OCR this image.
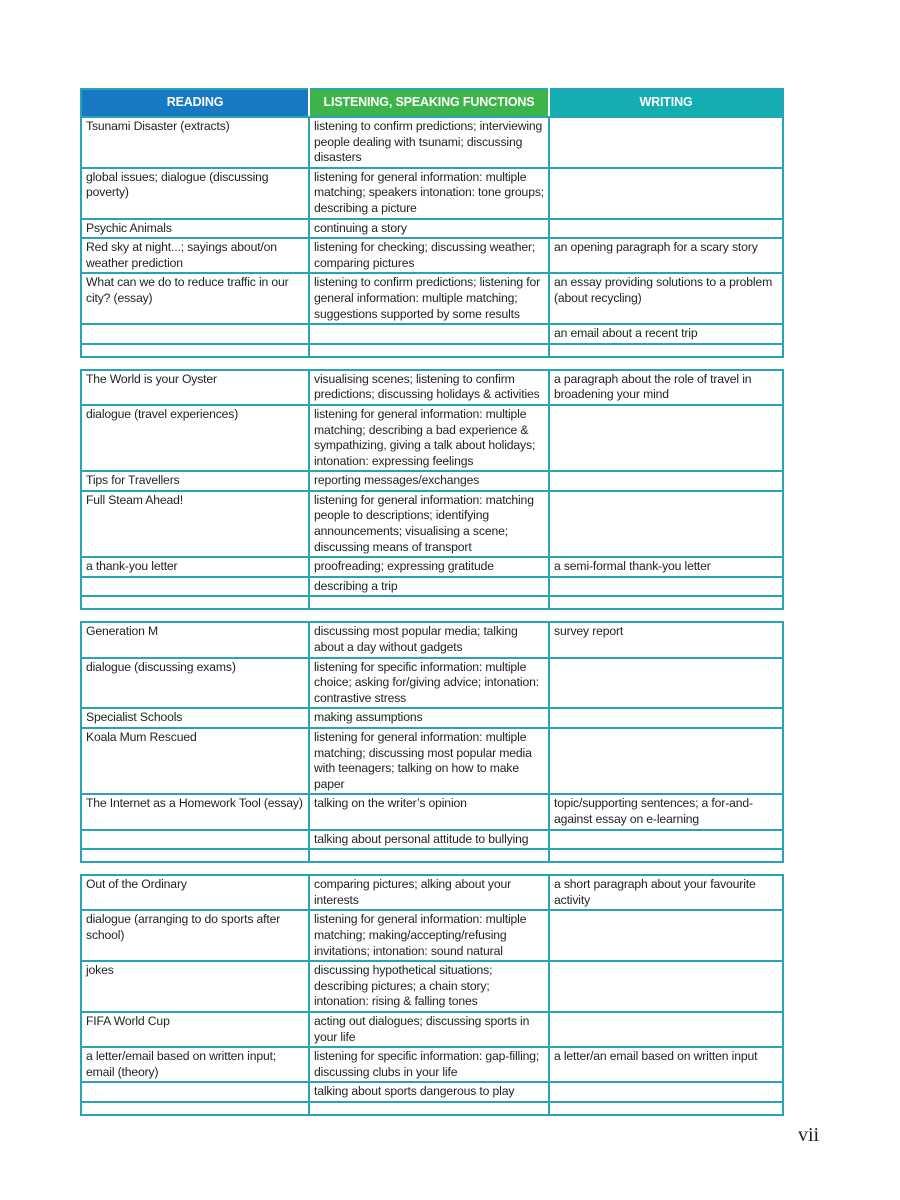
READING	LISTENING, SPEAKING FUNCTIONS	WRITING
Tsunami Disaster (extracts)	listening to confirm predictions; interviewing people dealing with tsunami; discussing disasters	
global issues; dialogue (discussing poverty)	listening for general information: multiple matching; speakers intonation: tone groups; describing a picture	
Psychic Animals	continuing a story	
Red sky at night...; sayings about/on weather prediction	listening for checking; discussing weather; comparing pictures	an opening paragraph for a scary story
What can we do to reduce traffic in our city? (essay)	listening to confirm predictions; listening for general information: multiple matching; suggestions supported by some results	an essay providing solutions to a problem (about recycling)
		an email about a recent trip

The World is your Oyster	visualising scenes; listening to confirm predictions; discussing holidays & activities	a paragraph about the role of travel in broadening your mind
dialogue (travel experiences)	listening for general information: multiple matching; describing a bad experience & sympathizing, giving a talk about holidays; intonation: expressing feelings	
Tips for Travellers	reporting messages/exchanges	
Full Steam Ahead!	listening for general information: matching people to descriptions; identifying announcements; visualising a scene; discussing means of transport	
a thank-you letter	proofreading; expressing gratitude	a semi-formal thank-you letter
	describing a trip	

Generation M	discussing most popular media; talking about a day without gadgets	survey report
dialogue (discussing exams)	listening for specific information: multiple choice; asking for/giving advice; intonation: contrastive stress	
Specialist Schools	making assumptions	
Koala Mum Rescued	listening for general information: multiple matching; discussing most popular media with teenagers; talking on how to make paper	
The Internet as a Homework Tool (essay)	talking on the writer’s opinion	topic/supporting sentences; a for-and-against essay on e-learning
	talking about personal attitude to bullying	

Out of the Ordinary	comparing pictures; alking about your interests	a short paragraph about your favourite activity
dialogue (arranging to do sports after school)	listening for general information: multiple matching; making/accepting/refusing invitations; intonation: sound natural	
jokes	discussing hypothetical situations; describing pictures; a chain story; intonation: rising & falling tones	
FIFA World Cup	acting out dialogues; discussing sports in your life	
a letter/email based on written input; email (theory)	listening for specific information: gap-filling; discussing clubs in your life	a letter/an email based on written input
	talking about sports dangerous to play	

vii
